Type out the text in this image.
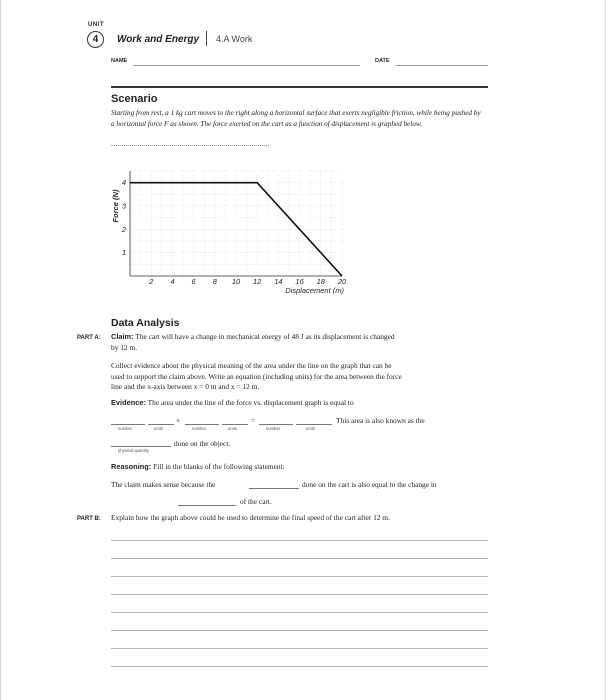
UNIT
4	Work and Energy 4.A Work
NAME	DATE
Scenario
Starting from rest, a 1 kg cart moves to the right along a horizontal surface that exerts negligible friction, while being pushed by a horizontal force F as shown. The force exerted on the cart as a function of displacement is graphed below.
2 4 6 8 10 12 14 16 18 20
1
2
3
4
Displacement (m)
Force (N)
Data Analysis
PART A: Claim: The cart will have a change in mechanical energy of 48 J as its displacement is changed
by 12 m.
Collect evidence about the physical meaning of the area under the line on the graph that can be
used to support the claim above. Write an equation (including units) for the area between the force
line and the x-axis between x = 0 m and x = 12 m.
Evidence: The area under the line of the force vs. displacement graph is equal to
number	units
×
number	units
=
number	units
This area is also known as the
physical quantity
done on the object.
Reasoning: Fill in the blanks of the following statement:
The claim makes sense because the	done on the cart is also equal to the change in
of the cart.
PART B: Explain how the graph above could be used to determine the final speed of the cart after 12 m.
